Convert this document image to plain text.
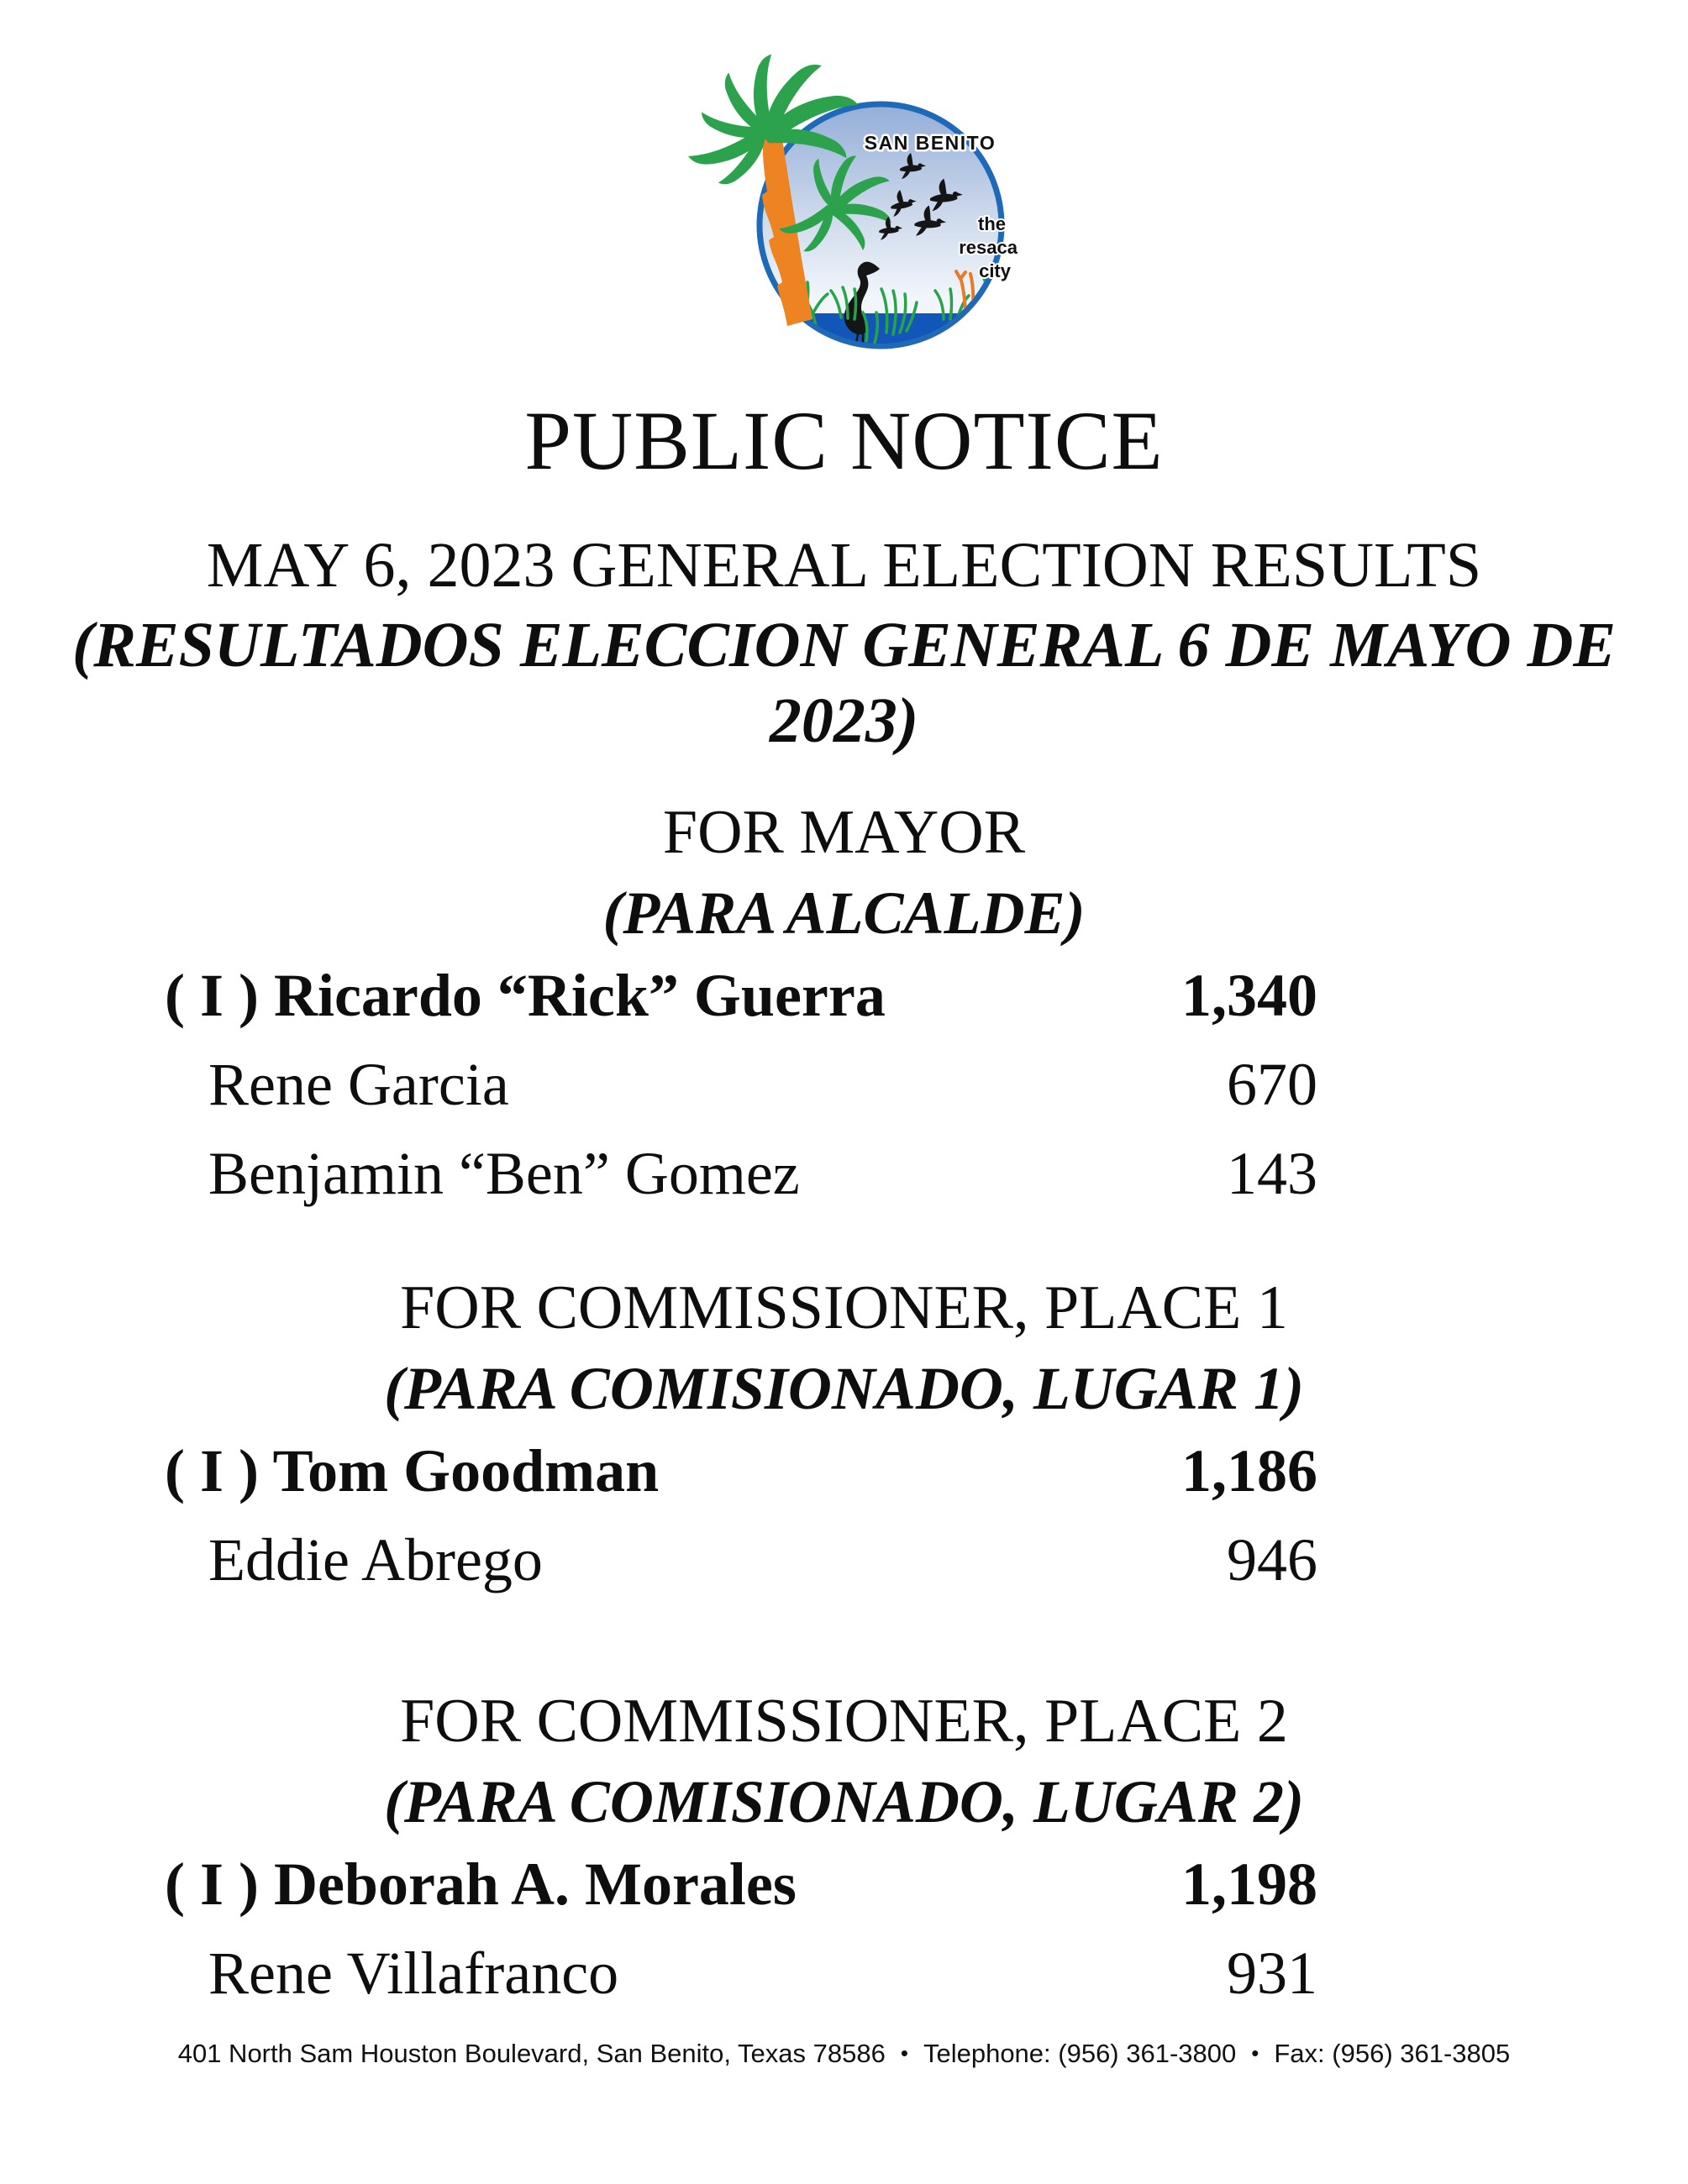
SAN BENITO
the
resaca
city
PUBLIC NOTICE
MAY 6, 2023 GENERAL ELECTION RESULTS
(RESULTADOS ELECCION GENERAL 6 DE MAYO DE 2023)
FOR MAYOR
(PARA ALCALDE)
( I ) Ricardo “Rick” Guerra	1,340
Rene Garcia	670
Benjamin “Ben” Gomez	143
FOR COMMISSIONER, PLACE 1
(PARA COMISIONADO, LUGAR 1)
( I ) Tom Goodman	1,186
Eddie Abrego	946
FOR COMMISSIONER, PLACE 2
(PARA COMISIONADO, LUGAR 2)
( I ) Deborah A. Morales	1,198
Rene Villafranco	931
401 North Sam Houston Boulevard, San Benito, Texas 78586 • Telephone: (956) 361-3800 • Fax: (956) 361-3805
